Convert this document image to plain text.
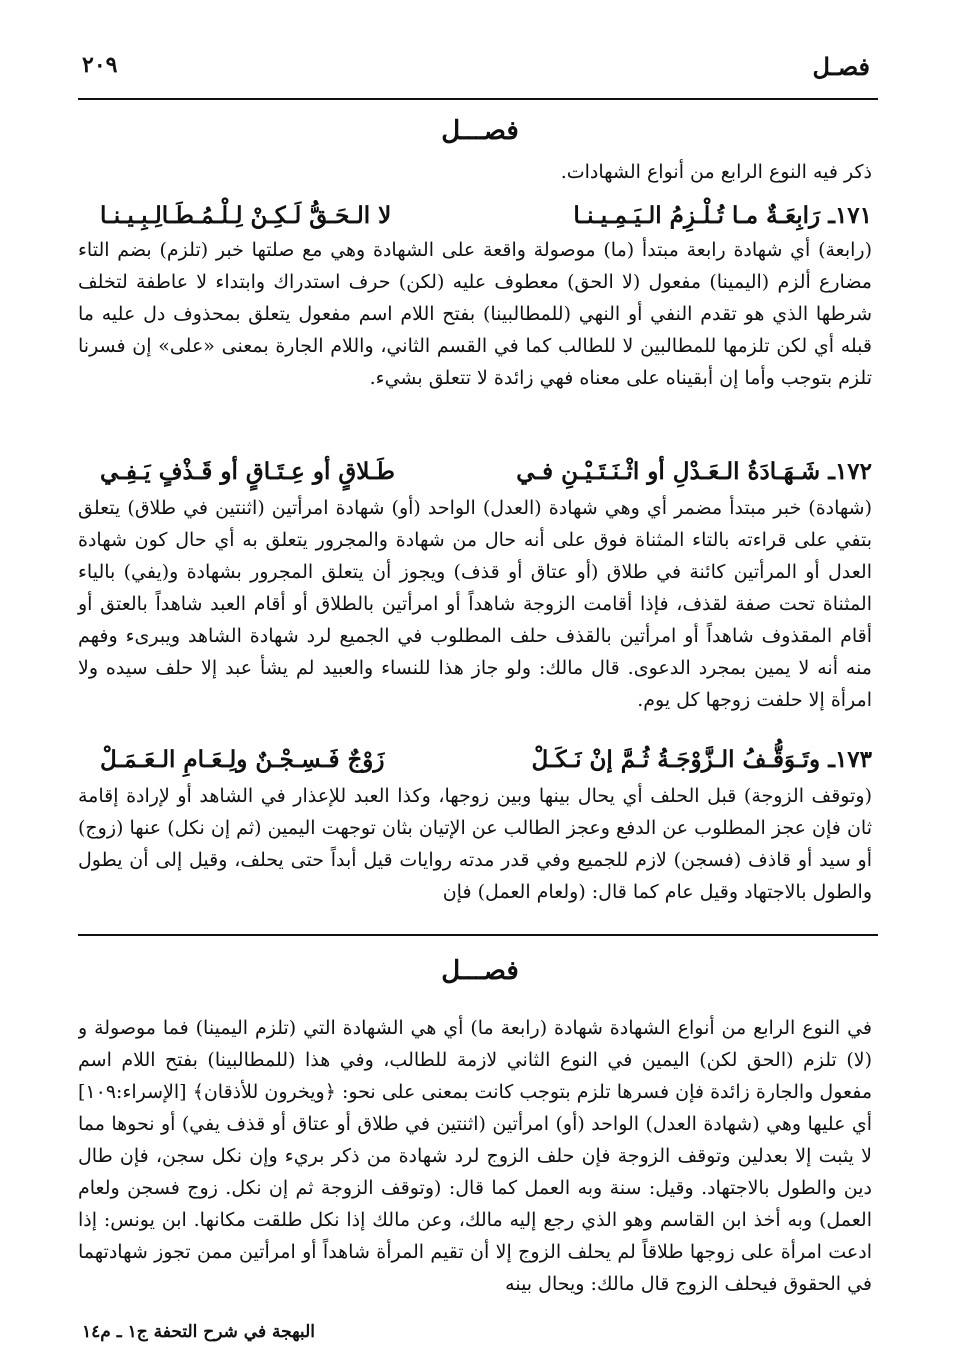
فصـل
٢٠٩
فصـــل
ذكر فيه النوع الرابع من أنواع الشهادات.
١٧١ـ رَابِعَـةٌ مـا تُـلْـزِمُ الـيَـمِـيـنـا
لا الـحَـقُّ لَـكِـنْ لِـلْـمُـطَـالِـبِـيـنـا
(رابعة) أي شهادة رابعة مبتدأ (ما) موصولة واقعة على الشهادة وهي مع صلتها خبر (تلزم) بضم التاء مضارع ألزم (اليمينا) مفعول (لا الحق) معطوف عليه (لكن) حرف استدراك وابتداء لا عاطفة لتخلف شرطها الذي هو تقدم النفي أو النهي (للمطالبينا) بفتح اللام اسم مفعول يتعلق بمحذوف دل عليه ما قبله أي لكن تلزمها للمطالبين لا للطالب كما في القسم الثاني، واللام الجارة بمعنى «على» إن فسرنا تلزم بتوجب وأما إن أبقيناه على معناه فهي زائدة لا تتعلق بشيء.
١٧٢ـ شَـهَـادَةُ الـعَـدْلِ أو اثْـنَـتَـيْـنِ فـي
طَـلاقٍ أو عِـتَـاقٍ أو قَـذْفٍ يَـفِـي
(شهادة) خبر مبتدأ مضمر أي وهي شهادة (العدل) الواحد (أو) شهادة امرأتين (اثنتين في طلاق) يتعلق بتفي على قراءته بالتاء المثناة فوق على أنه حال من شهادة والمجرور يتعلق به أي حال كون شهادة العدل أو المرأتين كائنة في طلاق (أو عتاق أو قذف) ويجوز أن يتعلق المجرور بشهادة و(يفي) بالياء المثناة تحت صفة لقذف، فإذا أقامت الزوجة شاهداً أو امرأتين بالطلاق أو أقام العبد شاهداً بالعتق أو أقام المقذوف شاهداً أو امرأتين بالقذف حلف المطلوب في الجميع لرد شهادة الشاهد ويبرىء وفهم منه أنه لا يمين بمجرد الدعوى. قال مالك: ولو جاز هذا للنساء والعبيد لم يشأ عبد إلا حلف سيده ولا امرأة إلا حلفت زوجها كل يوم.
١٧٣ـ وتَـوَقُّـفُ الـزَّوْجَـةُ ثُـمَّ إنْ نَـكَـلْ
زَوْجٌ فَـسِـجْـنٌ ولِـعَـامِ الـعَـمَـلْ
(وتوقف الزوجة) قبل الحلف أي يحال بينها وبين زوجها، وكذا العبد للإعذار في الشاهد أو لإرادة إقامة ثان فإن عجز المطلوب عن الدفع وعجز الطالب عن الإتيان بثان توجهت اليمين (ثم إن نكل) عنها (زوج) أو سيد أو قاذف (فسجن) لازم للجميع وفي قدر مدته روايات قيل أبداً حتى يحلف، وقيل إلى أن يطول والطول بالاجتهاد وقيل عام كما قال: (ولعام العمل) فإن
فصـــل
في النوع الرابع من أنواع الشهادة شهادة (رابعة ما) أي هي الشهادة التي (تلزم اليمينا) فما موصولة و (لا) تلزم (الحق لكن) اليمين في النوع الثاني لازمة للطالب، وفي هذا (للمطالبينا) بفتح اللام اسم مفعول والجارة زائدة فإن فسرها تلزم بتوجب كانت بمعنى على نحو: ﴿ويخرون للأذقان﴾ [الإسراء:١٠٩] أي عليها وهي (شهادة العدل) الواحد (أو) امرأتين (اثنتين في طلاق أو عتاق أو قذف يفي) أو نحوها مما لا يثبت إلا بعدلين وتوقف الزوجة فإن حلف الزوج لرد شهادة من ذكر بريء وإن نكل سجن، فإن طال دين والطول بالاجتهاد. وقيل: سنة وبه العمل كما قال: (وتوقف الزوجة ثم إن نكل. زوج فسجن ولعام العمل) وبه أخذ ابن القاسم وهو الذي رجع إليه مالك، وعن مالك إذا نكل طلقت مكانها. ابن يونس: إذا ادعت امرأة على زوجها طلاقاً لم يحلف الزوج إلا أن تقيم المرأة شاهداً أو امرأتين ممن تجوز شهادتهما في الحقوق فيحلف الزوج قال مالك: ويحال بينه
البهجة في شرح التحفة ج١ ـ م١٤
